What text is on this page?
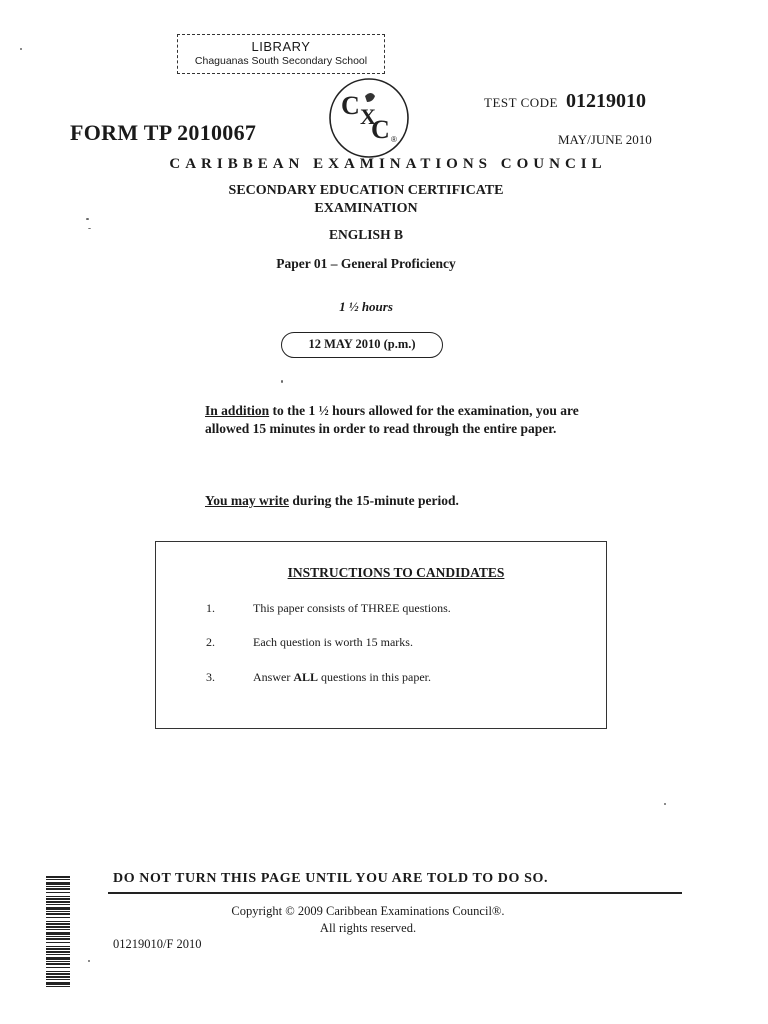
LIBRARY
Chaguanas South Secondary School
C X
C ®
FORM TP 2010067
TEST CODE 01219010
MAY/JUNE 2010
CARIBBEAN EXAMINATIONS COUNCIL
SECONDARY EDUCATION CERTIFICATE
EXAMINATION
ENGLISH B
Paper 01 – General Proficiency
1 ½ hours
12 MAY 2010 (p.m.)
In addition to the 1 ½ hours allowed for the examination, you are allowed 15 minutes in order to read through the entire paper.
You may write during the 15-minute period.
INSTRUCTIONS TO CANDIDATES
1.	This paper consists of THREE questions.
2.	Each question is worth 15 marks.
3.	Answer ALL questions in this paper.
DO NOT TURN THIS PAGE UNTIL YOU ARE TOLD TO DO SO.
Copyright © 2009 Caribbean Examinations Council®.
All rights reserved.
01219010/F 2010
